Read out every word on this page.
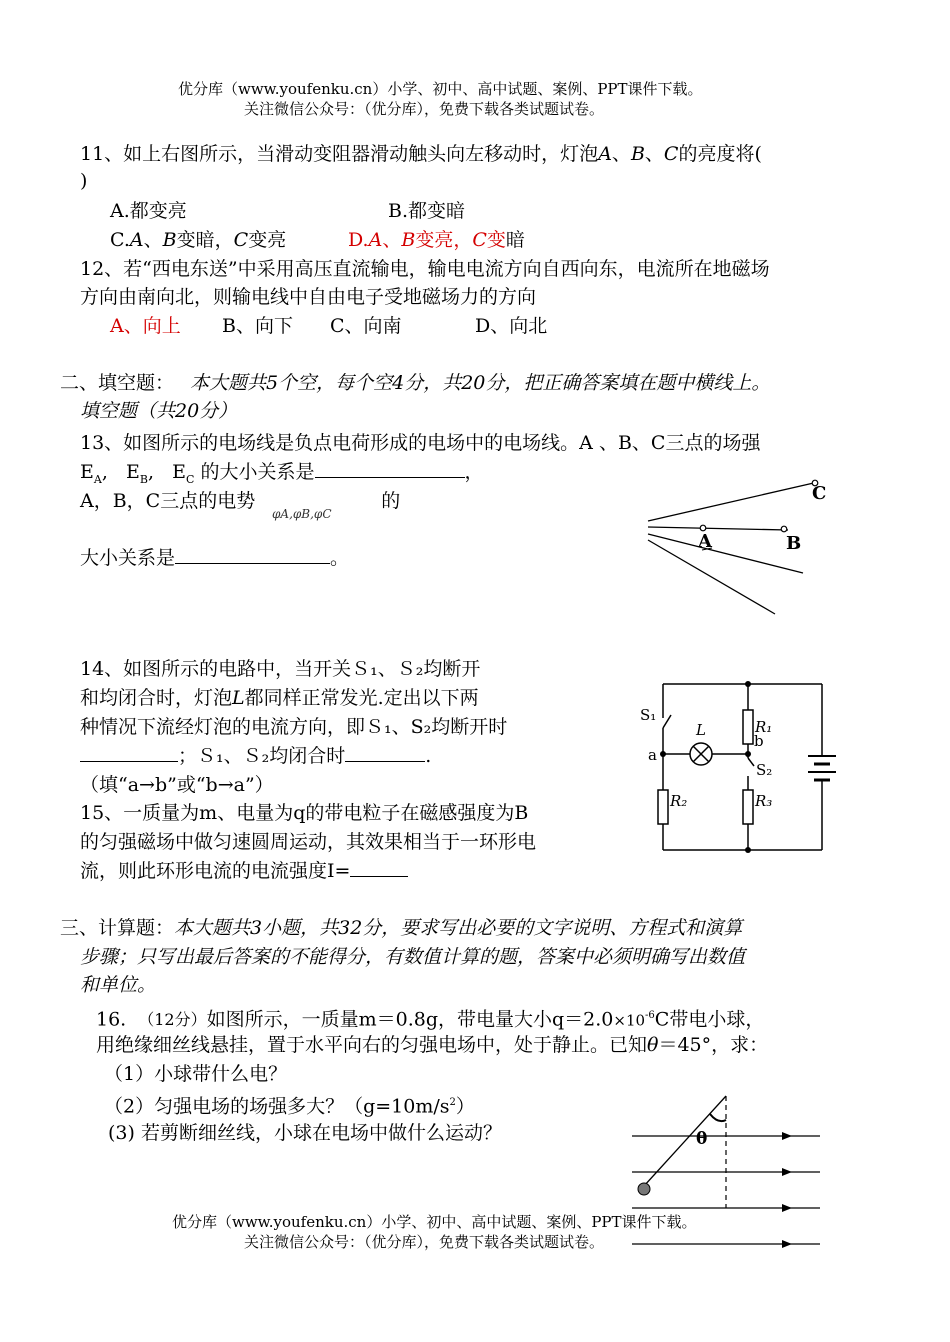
优分库（www.youfenku.cn）小学、初中、高中试题、案例、PPT课件下载。
关注微信公众号：（优分库），免费下载各类试题试卷。
11、如上右图所示，当滑动变阻器滑动触头向左移动时，灯泡A、B、C的亮度将(
)
A.都变亮	B.都变暗
C.A、B变暗，C变亮	D.A、B变亮，C变暗
12、若“西电东送”中采用高压直流输电，输电电流方向自西向东，电流所在地磁场
方向由南向北，则输电线中自由电子受地磁场力的方向
A、向上 B、向下 C、向南	D、向北
二、填空题： 本大题共5个空，每个空4分，共20分，把正确答案填在题中横线上。
填空题（共20分）
13、如图所示的电场线是负点电荷形成的电场中的电场线。A 、B、C三点的场强
$E_A$,   $E_B$,   $E_C$ 的大小关系是	，
A，B，C三点的电势	的
φA,φB,φC
大小关系是	。
A	B
C
14、如图所示的电路中，当开关Ｓ₁、Ｓ₂均断开
和均闭合时，灯泡L都同样正常发光.定出以下两
种情况下流经灯泡的电流方向，即Ｓ₁、S₂均断开时
；Ｓ₁、Ｓ₂均闭合时	.
（填“a→b”或“b→a”）
S₁
L
a
b
R₁
S₂
R₂	R₃
15、一质量为m、电量为q的带电粒子在磁感强度为B
的匀强磁场中做匀速圆周运动，其效果相当于一环形电
流，则此环形电流的电流强度I=
三、计算题：本大题共3小题，共32分，要求写出必要的文字说明、方程式和演算
步骤；只写出最后答案的不能得分，有数值计算的题，答案中必须明确写出数值
和单位。
16. （12分）如图所示，一质量m＝0.8g，带电量大小$q=2.0\times 10^{-6}C$带电小球，
用绝缘细丝线悬挂，置于水平向右的匀强电场中，处于静止。已知θ＝45°，求：
（1）小球带什么电？
（2）匀强电场的场强多大？$(g=10m/s^2)$
(3) 若剪断细丝线，小球在电场中做什么运动？	θ
优分库（www.youfenku.cn）小学、初中、高中试题、案例、PPT课件下载。
关注微信公众号：（优分库），免费下载各类试题试卷。
